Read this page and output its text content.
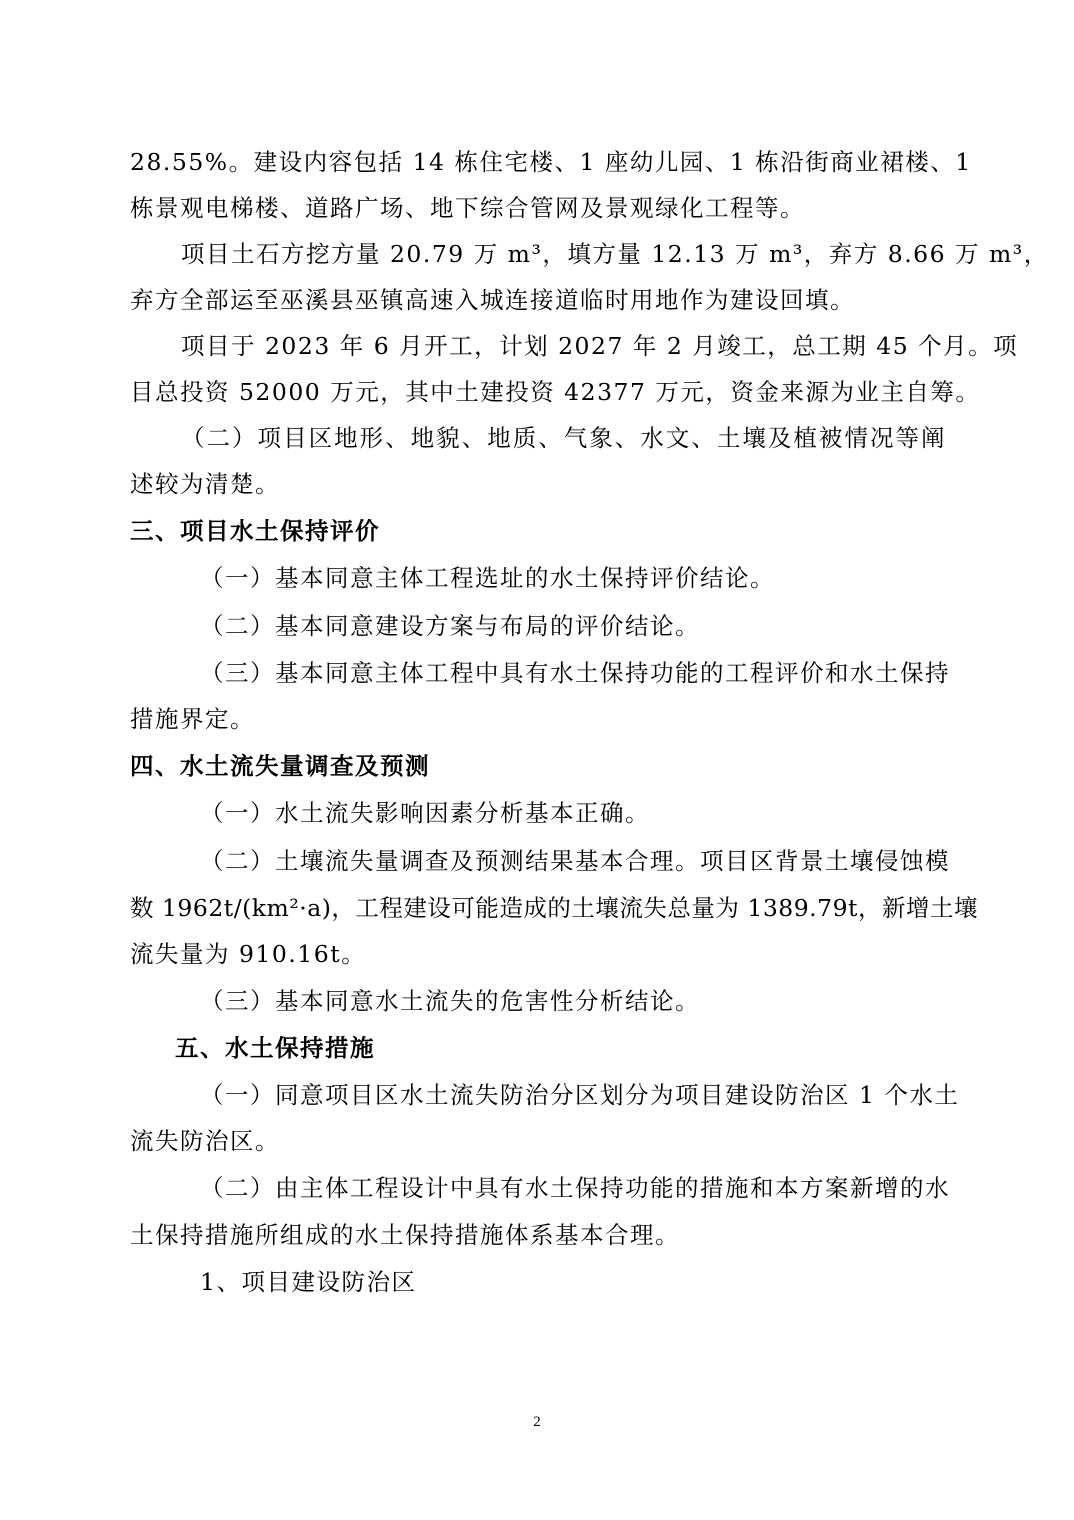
28.55%。建设内容包括 14 栋住宅楼、1 座幼儿园、1 栋沿街商业裙楼、1
栋景观电梯楼、道路广场、地下综合管网及景观绿化工程等。
项目土石方挖方量 20.79 万 m³，填方量 12.13 万 m³，弃方 8.66 万 m³，
弃方全部运至巫溪县巫镇高速入城连接道临时用地作为建设回填。
项目于 2023 年 6 月开工，计划 2027 年 2 月竣工，总工期 45 个月。项
目总投资 52000 万元，其中土建投资 42377 万元，资金来源为业主自筹。
（二）项目区地形、地貌、地质、气象、水文、土壤及植被情况等阐
述较为清楚。
三、项目水土保持评价
（一）基本同意主体工程选址的水土保持评价结论。
（二）基本同意建设方案与布局的评价结论。
（三）基本同意主体工程中具有水土保持功能的工程评价和水土保持
措施界定。
四、水土流失量调查及预测
（一）水土流失影响因素分析基本正确。
（二）土壤流失量调查及预测结果基本合理。项目区背景土壤侵蚀模
数 1962t/(km²·a)，工程建设可能造成的土壤流失总量为 1389.79t，新增土壤
流失量为 910.16t。
（三）基本同意水土流失的危害性分析结论。
五、水土保持措施
（一）同意项目区水土流失防治分区划分为项目建设防治区 1 个水土
流失防治区。
（二）由主体工程设计中具有水土保持功能的措施和本方案新增的水
土保持措施所组成的水土保持措施体系基本合理。
1、项目建设防治区
2
